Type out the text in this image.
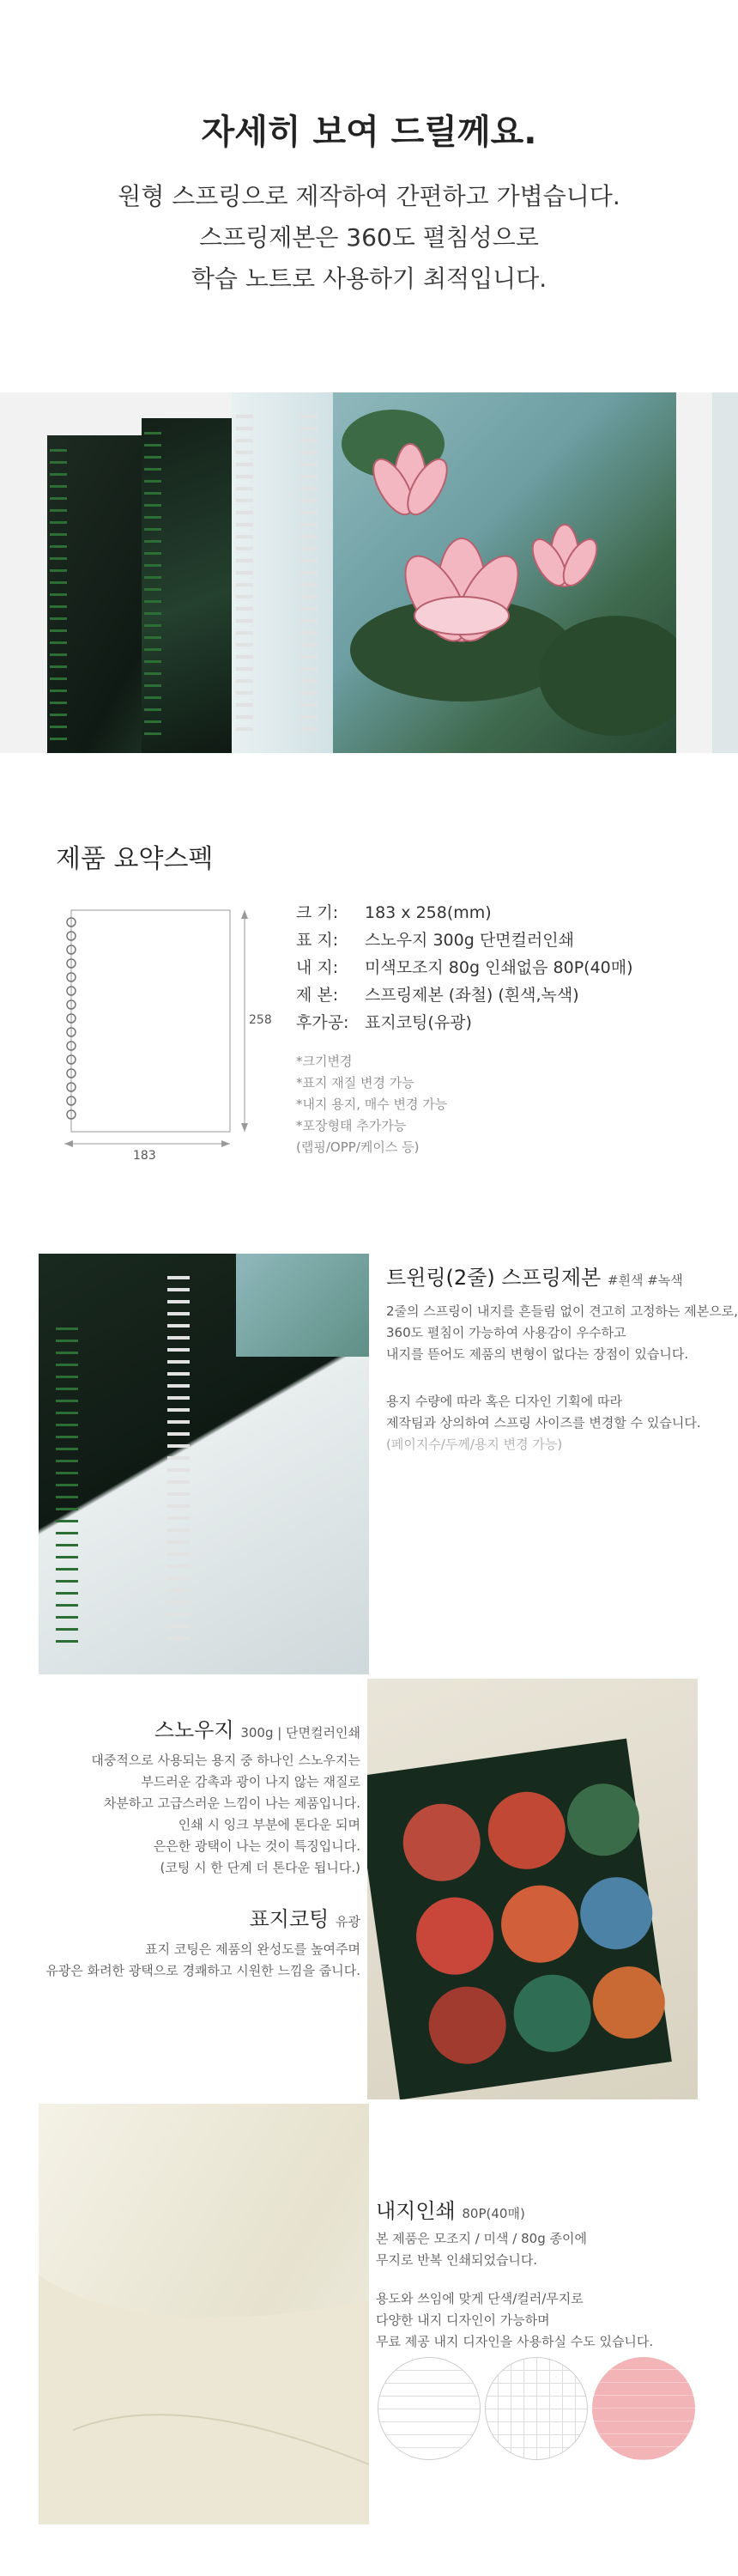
자세히 보여 드릴께요.
원형 스프링으로 제작하여 간편하고 가볍습니다.
스프링제본은 360도 펼침성으로
학습 노트로 사용하기 최적입니다.
제품 요약스펙
258
183
크 기: 183 x 258(mm)
표 지: 스노우지 300g 단면컬러인쇄
내 지: 미색모조지 80g 인쇄없음 80P(40매)
제 본: 스프링제본 (좌철) (흰색,녹색)
후가공: 표지코팅(유광)
*크기변경
*표지 재질 변경 가능
*내지 용지, 매수 변경 가능
*포장형태 추가가능
(랩핑/OPP/케이스 등)
트윈링(2줄) 스프링제본 #흰색 #녹색
2줄의 스프링이 내지를 흔들림 없이 견고히 고정하는 제본으로,
360도 펼침이 가능하여 사용감이 우수하고
내지를 뜯어도 제품의 변형이 없다는 장점이 있습니다.
용지 수량에 따라 혹은 디자인 기획에 따라
제작팀과 상의하여 스프링 사이즈를 변경할 수 있습니다.
(페이지수/두께/용지 변경 가능)
스노우지 300g | 단면컬러인쇄
대중적으로 사용되는 용지 중 하나인 스노우지는
부드러운 감촉과 광이 나지 않는 재질로
차분하고 고급스러운 느낌이 나는 제품입니다.
인쇄 시 잉크 부분에 톤다운 되며
은은한 광택이 나는 것이 특징입니다.
(코팅 시 한 단계 더 톤다운 됩니다.)
표지코팅 유광
표지 코팅은 제품의 완성도를 높여주며
유광은 화려한 광택으로 경쾌하고 시원한 느낌을 줍니다.
내지인쇄 80P(40매)
본 제품은 모조지 / 미색 / 80g 종이에
무지로 반복 인쇄되었습니다.
용도와 쓰임에 맞게 단색/컬러/무지로
다양한 내지 디자인이 가능하며
무료 제공 내지 디자인을 사용하실 수도 있습니다.
